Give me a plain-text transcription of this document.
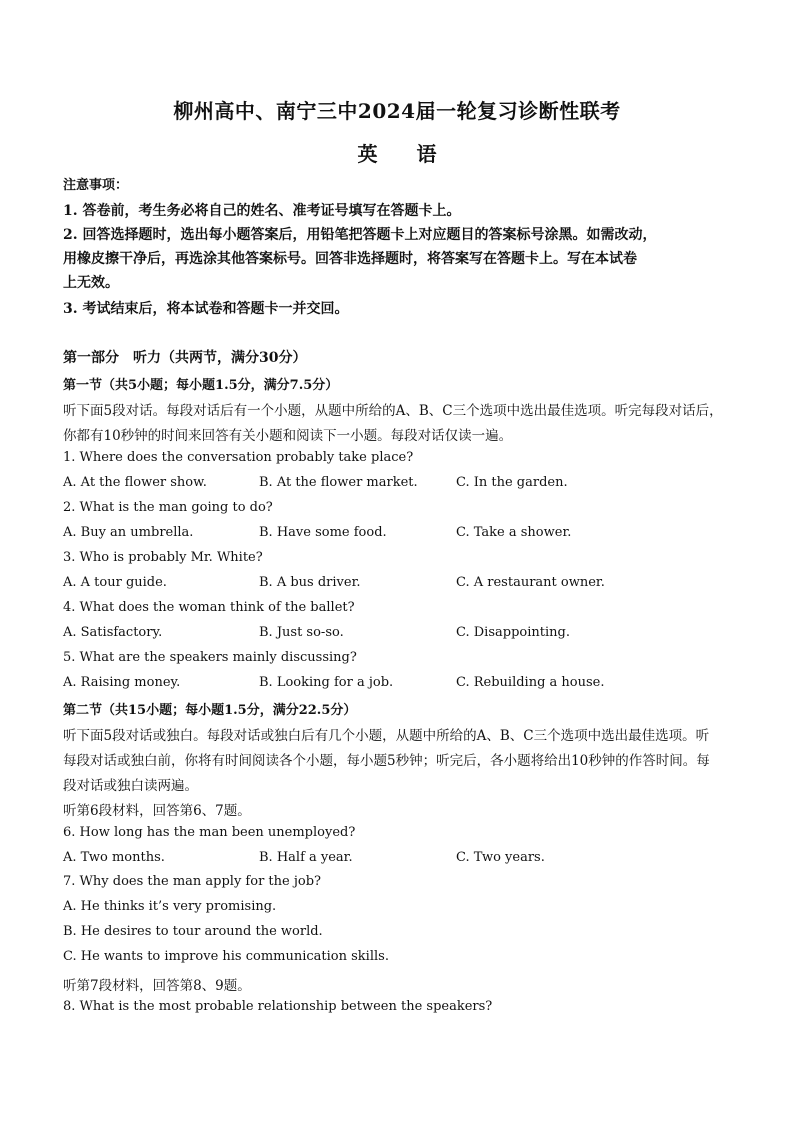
柳州高中、南宁三中2024届一轮复习诊断性联考
英 语
注意事项：
1. 答卷前，考生务必将自己的姓名、准考证号填写在答题卡上。
2. 回答选择题时，选出每小题答案后，用铅笔把答题卡上对应题目的答案标号涂黑。如需改动，
用橡皮擦干净后，再选涂其他答案标号。回答非选择题时，将答案写在答题卡上。写在本试卷
上无效。
3. 考试结束后，将本试卷和答题卡一并交回。
第一部分　听力（共两节，满分30分）
第一节（共5小题；每小题1.5分，满分7.5分）
听下面5段对话。每段对话后有一个小题，从题中所给的A、B、C三个选项中选出最佳选项。听完每段对话后，
你都有10秒钟的时间来回答有关小题和阅读下一小题。每段对话仅读一遍。
1. Where does the conversation probably take place?
A. At the flower show.	B. At the flower market.	C. In the garden.
2. What is the man going to do?
A. Buy an umbrella.	B. Have some food.	C. Take a shower.
3. Who is probably Mr. White?
A. A tour guide.	B. A bus driver.	C. A restaurant owner.
4. What does the woman think of the ballet?
A. Satisfactory.	B. Just so-so.	C. Disappointing.
5. What are the speakers mainly discussing?
A. Raising money.	B. Looking for a job.	C. Rebuilding a house.
第二节（共15小题；每小题1.5分，满分22.5分）
听下面5段对话或独白。每段对话或独白后有几个小题，从题中所给的A、B、C三个选项中选出最佳选项。听
每段对话或独白前，你将有时间阅读各个小题，每小题5秒钟；听完后，各小题将给出10秒钟的作答时间。每
段对话或独白读两遍。
听第6段材料，回答第6、7题。
6. How long has the man been unemployed?
A. Two months.	B. Half a year.	C. Two years.
7. Why does the man apply for the job?
A. He thinks it’s very promising.
B. He desires to tour around the world.
C. He wants to improve his communication skills.
听第7段材料，回答第8、9题。
8. What is the most probable relationship between the speakers?
